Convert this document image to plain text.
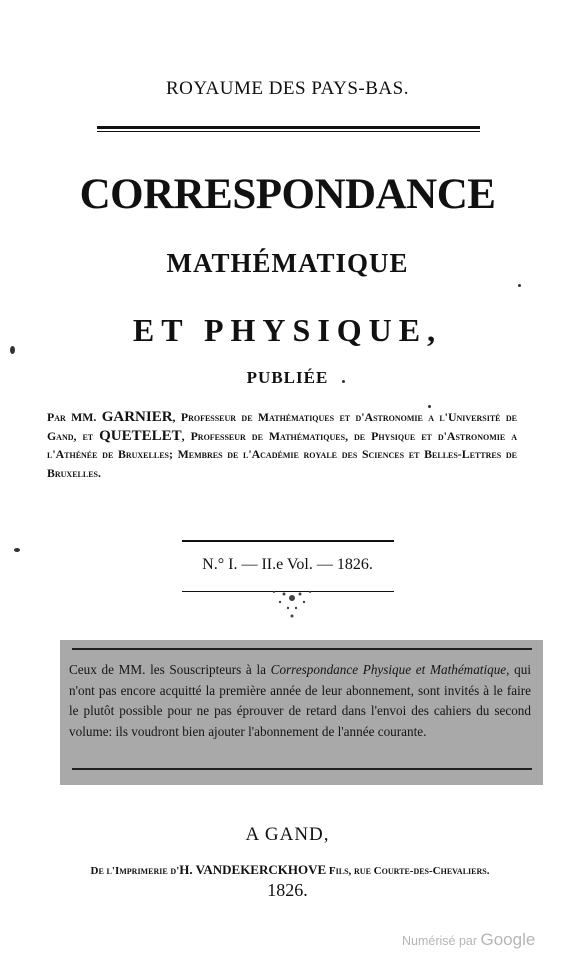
ROYAUME DES PAYS-BAS.
CORRESPONDANCE
MATHÉMATIQUE
ET PHYSIQUE,
PUBLIÉE
Par MM. GARNIER, Professeur de Mathématiques et d'Astronomie a l'Université de Gand, et QUETELET, Professeur de Mathématiques, de Physique et d'Astronomie a l'Athénée de Bruxelles; Membres de l'Académie royale des Sciences et Belles-Lettres de Bruxelles.
N.° I. — II.e Vol. — 1826.
Ceux de MM. les Souscripteurs à la Correspondance Physique et Mathématique, qui n'ont pas encore acquitté la première année de leur abonnement, sont invités à le faire le plutôt possible pour ne pas éprouver de retard dans l'envoi des cahiers du second volume: ils voudront bien ajouter l'abonnement de l'année courante.
A GAND,
De l'Imprimerie d'H. VANDEKERCKHOVE Fils, rue Courte-des-Chevaliers.
1826.
Numérisé par Google
